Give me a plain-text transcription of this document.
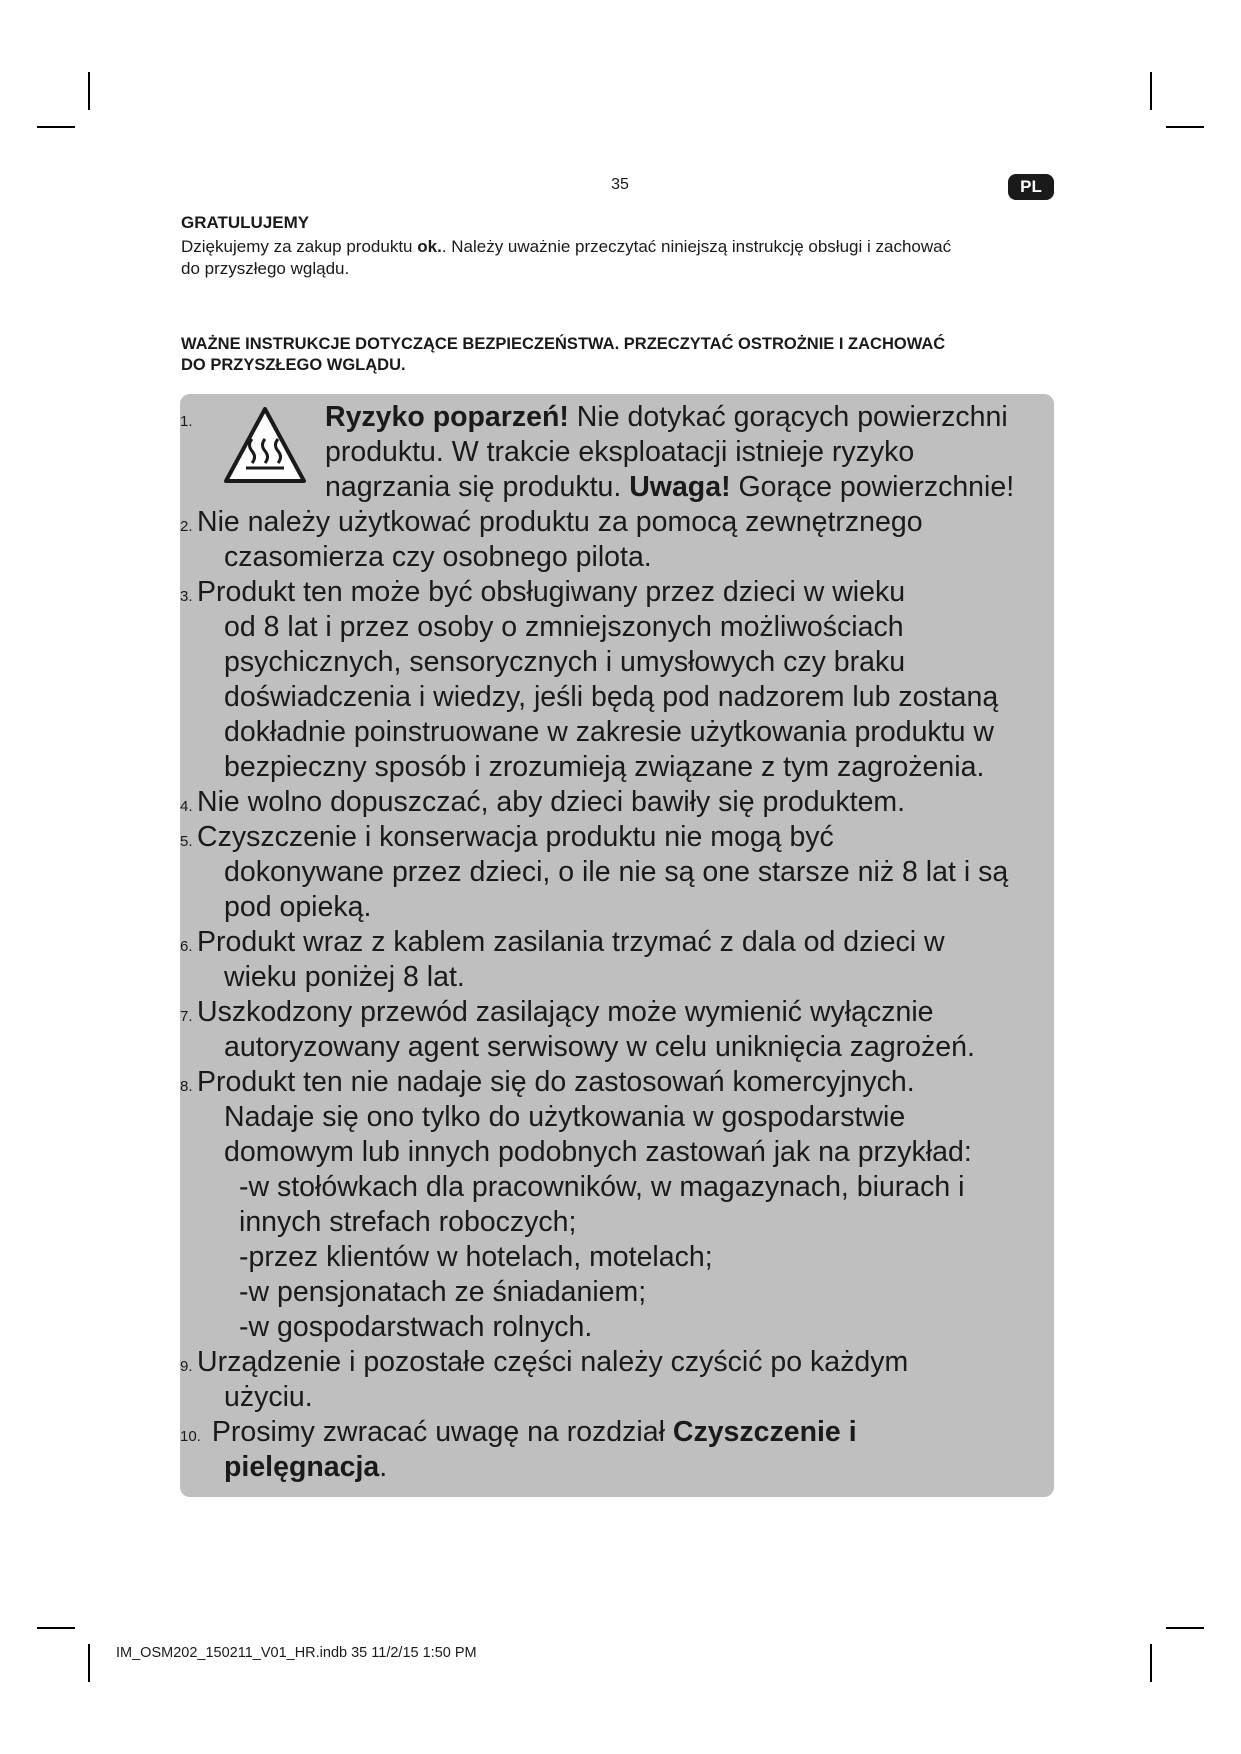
35	PL
GRATULUJEMY
Dziękujemy za zakup produktu ok.. Należy uważnie przeczytać niniejszą instrukcję obsługi i zachować
do przyszłego wglądu.
WAŻNE INSTRUKCJE DOTYCZĄCE BEZPIECZEŃSTWA. PRZECZYTAĆ OSTROŻNIE I ZACHOWAĆ
DO PRZYSZŁEGO WGLĄDU.
1.	Ryzyko poparzeń! Nie dotykać gorących powierzchni
produktu. W trakcie eksploatacji istnieje ryzyko
nagrzania się produktu. Uwaga! Gorące powierzchnie!
2. Nie należy użytkować produktu za pomocą zewnętrznego
czasomierza czy osobnego pilota.
3. Produkt ten może być obsługiwany przez dzieci w wieku
od 8 lat i przez osoby o zmniejszonych możliwościach
psychicznych, sensorycznych i umysłowych czy braku
doświadczenia i wiedzy, jeśli będą pod nadzorem lub zostaną
dokładnie poinstruowane w zakresie użytkowania produktu w
bezpieczny sposób i zrozumieją związane z tym zagrożenia.
4. Nie wolno dopuszczać, aby dzieci bawiły się produktem.
5. Czyszczenie i konserwacja produktu nie mogą być
dokonywane przez dzieci, o ile nie są one starsze niż 8 lat i są
pod opieką.
6. Produkt wraz z kablem zasilania trzymać z dala od dzieci w
wieku poniżej 8 lat.
7. Uszkodzony przewód zasilający może wymienić wyłącznie
autoryzowany agent serwisowy w celu uniknięcia zagrożeń.
8. Produkt ten nie nadaje się do zastosowań komercyjnych.
Nadaje się ono tylko do użytkowania w gospodarstwie
domowym lub innych podobnych zastowań jak na przykład:
-w stołówkach dla pracowników, w magazynach, biurach i
innych strefach roboczych;
-przez klientów w hotelach, motelach;
-w pensjonatach ze śniadaniem;
-w gospodarstwach rolnych.
9. Urządzenie i pozostałe części należy czyścić po każdym
użyciu.
10. Prosimy zwracać uwagę na rozdział Czyszczenie i
pielęgnacja.
IM_OSM202_150211_V01_HR.indb 35 11/2/15 1:50 PM
